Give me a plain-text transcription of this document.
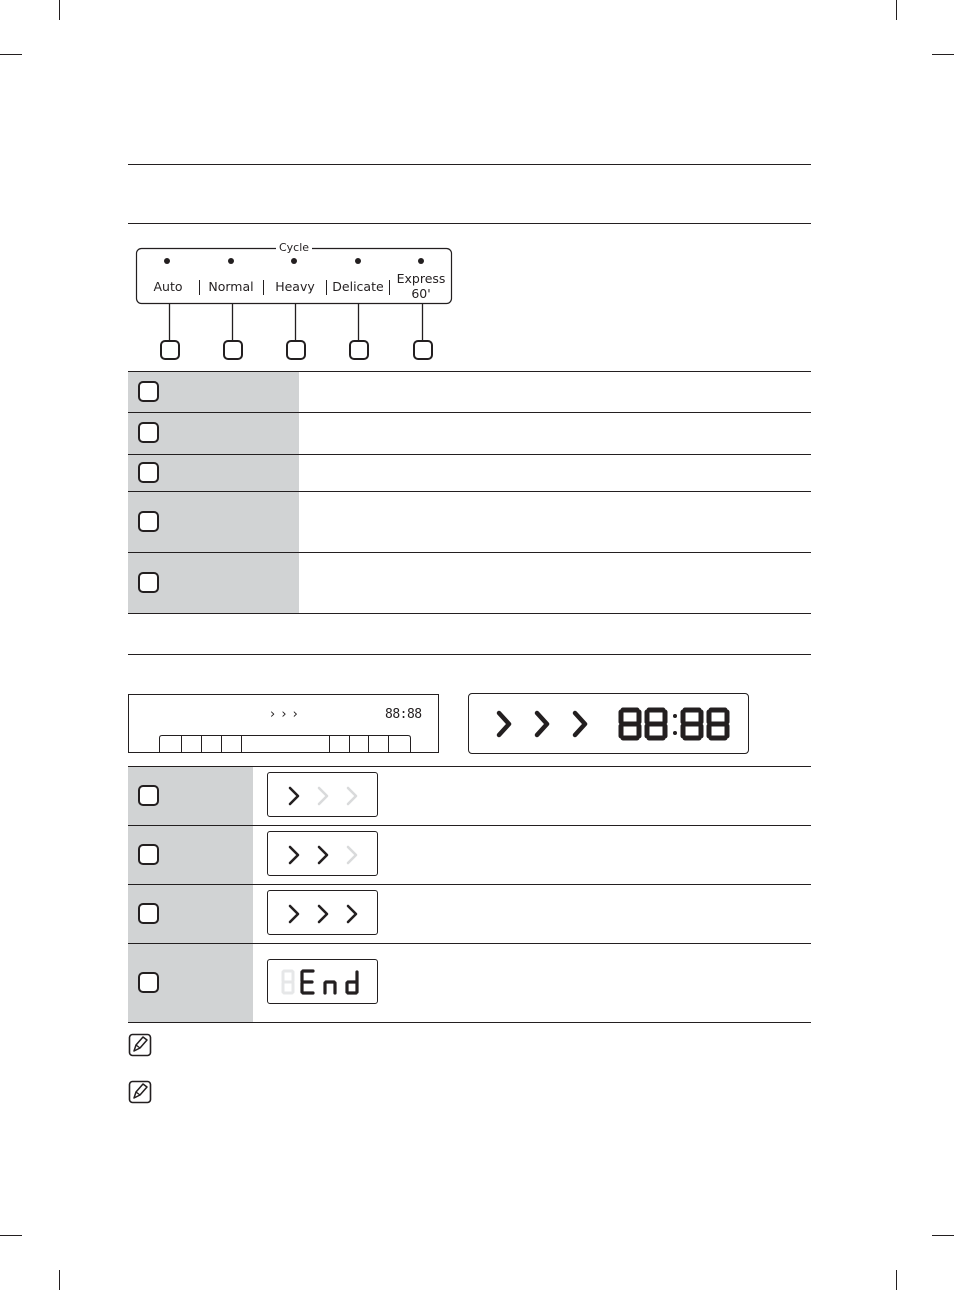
Cycle
Auto	Normal	Heavy	Delicate
Express
60'
› › ›	88:88
